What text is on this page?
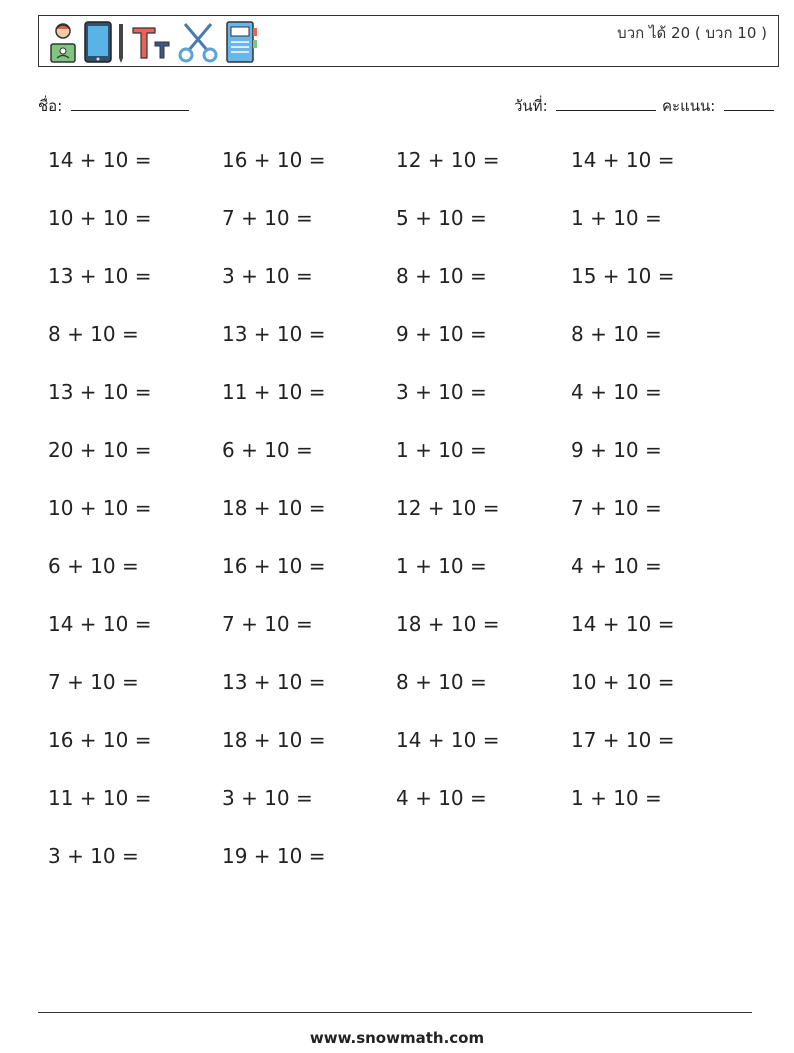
บวก ได้ 20 ( บวก 10 )
ชื่อ:	วันที่:	คะแนน:
14 + 10 =	16 + 10 =	12 + 10 =	14 + 10 =
10 + 10 =	7 + 10 =	5 + 10 =	1 + 10 =
13 + 10 =	3 + 10 =	8 + 10 =	15 + 10 =
8 + 10 =	13 + 10 =	9 + 10 =	8 + 10 =
13 + 10 =	11 + 10 =	3 + 10 =	4 + 10 =
20 + 10 =	6 + 10 =	1 + 10 =	9 + 10 =
10 + 10 =	18 + 10 =	12 + 10 =	7 + 10 =
6 + 10 =	16 + 10 =	1 + 10 =	4 + 10 =
14 + 10 =	7 + 10 =	18 + 10 =	14 + 10 =
7 + 10 =	13 + 10 =	8 + 10 =	10 + 10 =
16 + 10 =	18 + 10 =	14 + 10 =	17 + 10 =
11 + 10 =	3 + 10 =	4 + 10 =	1 + 10 =
3 + 10 =	19 + 10 =
www.snowmath.com
